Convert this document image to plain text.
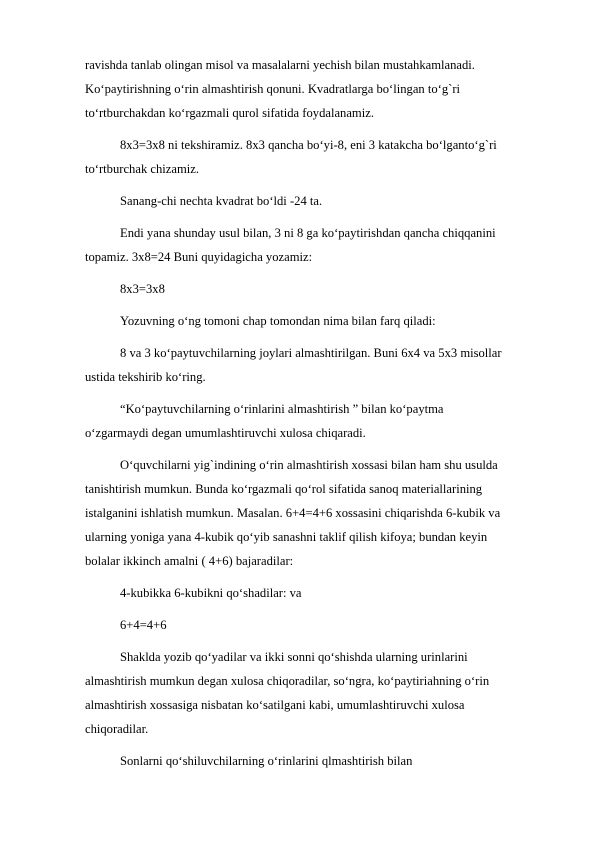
ravishda tanlab olingan misol va masalalarni yechish bilan mustahkamlanadi.
Ko‘paytirishning o‘rin almashtirish qonuni. Kvadratlarga bo‘lingan to‘g`ri
to‘rtburchakdan ko‘rgazmali qurol sifatida foydalanamiz.
8x3=3x8 ni tekshiramiz. 8x3 qancha bo‘yi-8, eni 3 katakcha bo‘lganto‘g`ri
to‘rtburchak chizamiz.
Sanang-chi nechta kvadrat bo‘ldi -24 ta.
Endi yana shunday usul bilan, 3 ni 8 ga ko‘paytirishdan qancha chiqqanini
topamiz. 3x8=24 Buni quyidagicha yozamiz:
8x3=3x8
Yozuvning o‘ng tomoni chap tomondan nima bilan farq qiladi:
8 va 3 ko‘paytuvchilarning joylari almashtirilgan. Buni 6x4 va 5x3 misollar
ustida tekshirib ko‘ring.
“Ko‘paytuvchilarning o‘rinlarini almashtirish ” bilan ko‘paytma
o‘zgarmaydi degan umumlashtiruvchi xulosa chiqaradi.
O‘quvchilarni yig`indining o‘rin almashtirish xossasi bilan ham shu usulda
tanishtirish mumkun. Bunda ko‘rgazmali qo‘rol sifatida sanoq materiallarining
istalganini ishlatish mumkun. Masalan. 6+4=4+6 xossasini chiqarishda 6-kubik va
ularning yoniga yana 4-kubik qo‘yib sanashni taklif qilish kifoya; bundan keyin
bolalar ikkinch amalni ( 4+6) bajaradilar:
4-kubikka 6-kubikni qo‘shadilar: va
6+4=4+6
Shaklda yozib qo‘yadilar va ikki sonni qo‘shishda ularning urinlarini
almashtirish mumkun degan xulosa chiqoradilar, so‘ngra, ko‘paytiriahning o‘rin
almashtirish xossasiga nisbatan ko‘satilgani kabi, umumlashtiruvchi xulosa
chiqoradilar.
Sonlarni qo‘shiluvchilarning o‘rinlarini qlmashtirish bilan
